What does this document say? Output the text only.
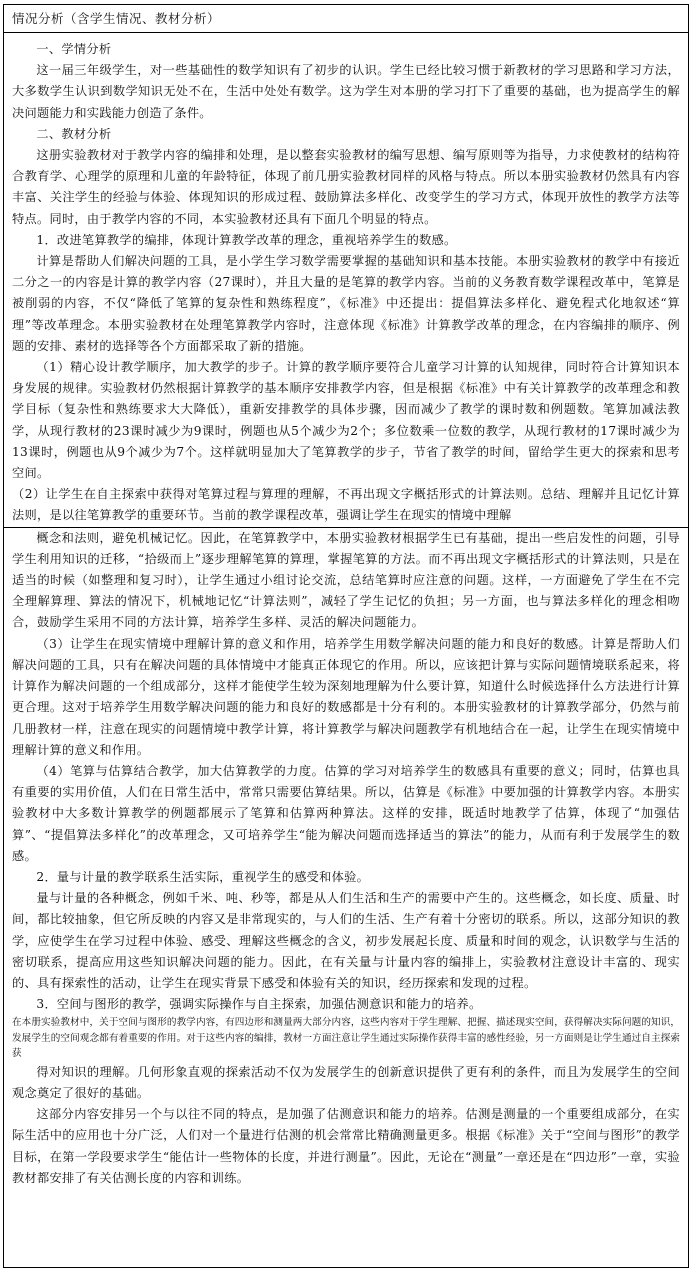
情况分析（含学生情况、教材分析）

一、学情分析

这一届三年级学生，对一些基础性的数学知识有了初步的认识。学生已经比较习惯于新教材的学习思路和学习方法，大多数学生认识到数学知识无处不在，生活中处处有数学。这为学生对本册的学习打下了重要的基础，也为提高学生的解决问题能力和实践能力创造了条件。

二、教材分析

这册实验教材对于教学内容的编排和处理，是以整套实验教材的编写思想、编写原则等为指导，力求使教材的结构符合教育学、心理学的原理和儿童的年龄特征，体现了前几册实验教材同样的风格与特点。所以本册实验教材仍然具有内容丰富、关注学生的经验与体验、体现知识的形成过程、鼓励算法多样化、改变学生的学习方式，体现开放性的教学方法等特点。同时，由于教学内容的不同，本实验教材还具有下面几个明显的特点。

1．改进笔算教学的编排，体现计算教学改革的理念，重视培养学生的数感。

计算是帮助人们解决问题的工具，是小学生学习数学需要掌握的基础知识和基本技能。本册实验教材的教学中有接近二分之一的内容是计算的教学内容（27课时），并且大量的是笔算的教学内容。当前的义务教育数学课程改革中，笔算是被削弱的内容，不仅“降低了笔算的复杂性和熟练程度”，《标准》中还提出：提倡算法多样化、避免程式化地叙述“算理”等改革理念。本册实验教材在处理笔算教学内容时，注意体现《标准》计算教学改革的理念，在内容编排的顺序、例题的安排、素材的选择等各个方面都采取了新的措施。

（1）精心设计教学顺序，加大教学的步子。计算的教学顺序要符合儿童学习计算的认知规律，同时符合计算知识本身发展的规律。实验教材仍然根据计算教学的基本顺序安排教学内容，但是根据《标准》中有关计算教学的改革理念和教学目标（复杂性和熟练要求大大降低），重新安排教学的具体步骤，因而减少了教学的课时数和例题数。笔算加减法教学，从现行教材的23课时减少为9课时，例题也从5个减少为2个；多位数乘一位数的教学，从现行教材的17课时减少为13课时，例题也从9个减少为7个。这样就明显加大了笔算教学的步子，节省了教学的时间，留给学生更大的探索和思考空间。

（2）让学生在自主探索中获得对笔算过程与算理的理解，不再出现文字概括形式的计算法则。总结、理解并且记忆计算法则，是以往笔算教学的重要环节。当前的教学课程改革，强调让学生在现实的情境中理解

概念和法则，避免机械记忆。因此，在笔算教学中，本册实验教材根据学生已有基础，提出一些启发性的问题，引导学生利用知识的迁移，“拾级而上”逐步理解笔算的算理，掌握笔算的方法。而不再出现文字概括形式的计算法则，只是在适当的时候（如整理和复习时），让学生通过小组讨论交流，总结笔算时应注意的问题。这样，一方面避免了学生在不完全理解算理、算法的情况下，机械地记忆“计算法则”，减轻了学生记忆的负担；另一方面，也与算法多样化的理念相吻合，鼓励学生采用不同的方法计算，培养学生多样、灵活的解决问题能力。

（3）让学生在现实情境中理解计算的意义和作用，培养学生用数学解决问题的能力和良好的数感。计算是帮助人们解决问题的工具，只有在解决问题的具体情境中才能真正体现它的作用。所以，应该把计算与实际问题情境联系起来，将计算作为解决问题的一个组成部分，这样才能使学生较为深刻地理解为什么要计算，知道什么时候选择什么方法进行计算更合理。这对于培养学生用数学解决问题的能力和良好的数感都是十分有利的。本册实验教材的计算教学部分，仍然与前几册教材一样，注意在现实的问题情境中教学计算，将计算教学与解决问题教学有机地结合在一起，让学生在现实情境中理解计算的意义和作用。

（4）笔算与估算结合教学，加大估算教学的力度。估算的学习对培养学生的数感具有重要的意义；同时，估算也具有重要的实用价值，人们在日常生活中，常常只需要估算结果。所以，估算是《标准》中要加强的计算教学内容。本册实验教材中大多数计算教学的例题都展示了笔算和估算两种算法。这样的安排，既适时地教学了估算，体现了“加强估算”、“提倡算法多样化”的改革理念，又可培养学生“能为解决问题而选择适当的算法”的能力，从而有利于发展学生的数感。

2．量与计量的教学联系生活实际，重视学生的感受和体验。

量与计量的各种概念，例如千米、吨、秒等，都是从人们生活和生产的需要中产生的。这些概念，如长度、质量、时间，都比较抽象，但它所反映的内容又是非常现实的，与人们的生活、生产有着十分密切的联系。所以，这部分知识的教学，应使学生在学习过程中体验、感受、理解这些概念的含义，初步发展起长度、质量和时间的观念，认识数学与生活的密切联系，提高应用这些知识解决问题的能力。因此，在有关量与计量内容的编排上，实验教材注意设计丰富的、现实的、具有探索性的活动，让学生在现实背景下感受和体验有关的知识，经历探索和发现的过程。

3．空间与图形的教学，强调实际操作与自主探索，加强估测意识和能力的培养。

在本册实验教材中，关于空间与图形的教学内容，有四边形和测量两大部分内容，这些内容对于学生理解、把握、描述现实空间，获得解决实际问题的知识，发展学生的空间观念都有着重要的作用。对于这些内容的编排，教材一方面注意让学生通过实际操作获得丰富的感性经验，另一方面则是让学生通过自主探索获

得对知识的理解。几何形象直观的探索活动不仅为发展学生的创新意识提供了更有利的条件，而且为发展学生的空间观念奠定了很好的基础。

这部分内容安排另一个与以往不同的特点，是加强了估测意识和能力的培养。估测是测量的一个重要组成部分，在实际生活中的应用也十分广泛，人们对一个量进行估测的机会常常比精确测量更多。根据《标准》关于“空间与图形”的教学目标，在第一学段要求学生“能估计一些物体的长度，并进行测量”。因此，无论在“测量”一章还是在“四边形”一章，实验教材都安排了有关估测长度的内容和训练。
